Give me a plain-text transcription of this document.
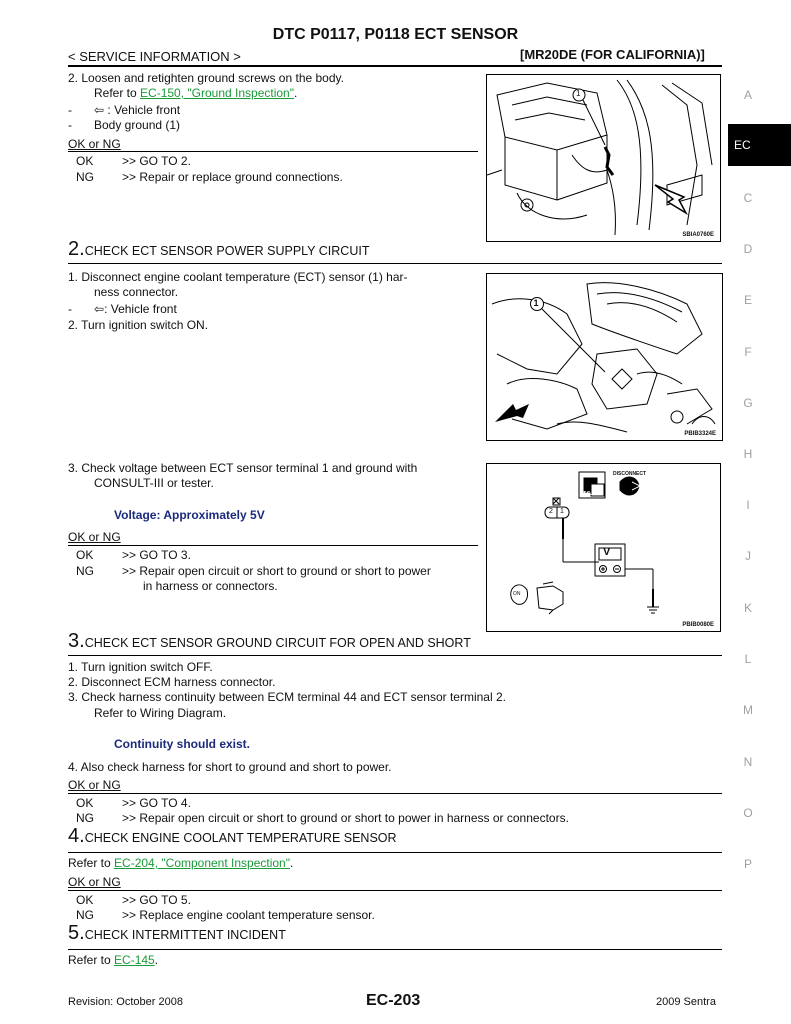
DTC P0117, P0118 ECT SENSOR
< SERVICE INFORMATION >	[MR20DE (FOR CALIFORNIA)]
A
EC
C
D
E
F
G
H
I
J
K
L
M
N
O
P
2. Loosen and retighten ground screws on the body.
Refer to EC-150, "Ground Inspection".
- ⇦ : Vehicle front
- Body ground (1)
OK or NG
OK >> GO TO 2.
NG >> Repair or replace ground connections.
1
SBIA0760E
2.CHECK ECT SENSOR POWER SUPPLY CIRCUIT
1. Disconnect engine coolant temperature (ECT) sensor (1) har-
ness connector.
- ⇦: Vehicle front
2. Turn ignition switch ON.
1
PBIB3324E
3. Check voltage between ECT sensor terminal 1 and ground with
CONSULT-III or tester.
Voltage: Approximately 5V
OK or NG
OK >> GO TO 3.
NG >> Repair open circuit or short to ground or short to power
in harness or connectors.
V
T.S.
DISCONNECT
2 1
ON
PBIB0080E
3.CHECK ECT SENSOR GROUND CIRCUIT FOR OPEN AND SHORT
1. Turn ignition switch OFF.
2. Disconnect ECM harness connector.
3. Check harness continuity between ECM terminal 44 and ECT sensor terminal 2.
Refer to Wiring Diagram.
Continuity should exist.
4. Also check harness for short to ground and short to power.
OK or NG
OK >> GO TO 4.
NG >> Repair open circuit or short to ground or short to power in harness or connectors.
4.CHECK ENGINE COOLANT TEMPERATURE SENSOR
Refer to EC-204, "Component Inspection".
OK or NG
OK >> GO TO 5.
NG >> Replace engine coolant temperature sensor.
5.CHECK INTERMITTENT INCIDENT
Refer to EC-145.
Revision: October 2008	EC-203	2009 Sentra
